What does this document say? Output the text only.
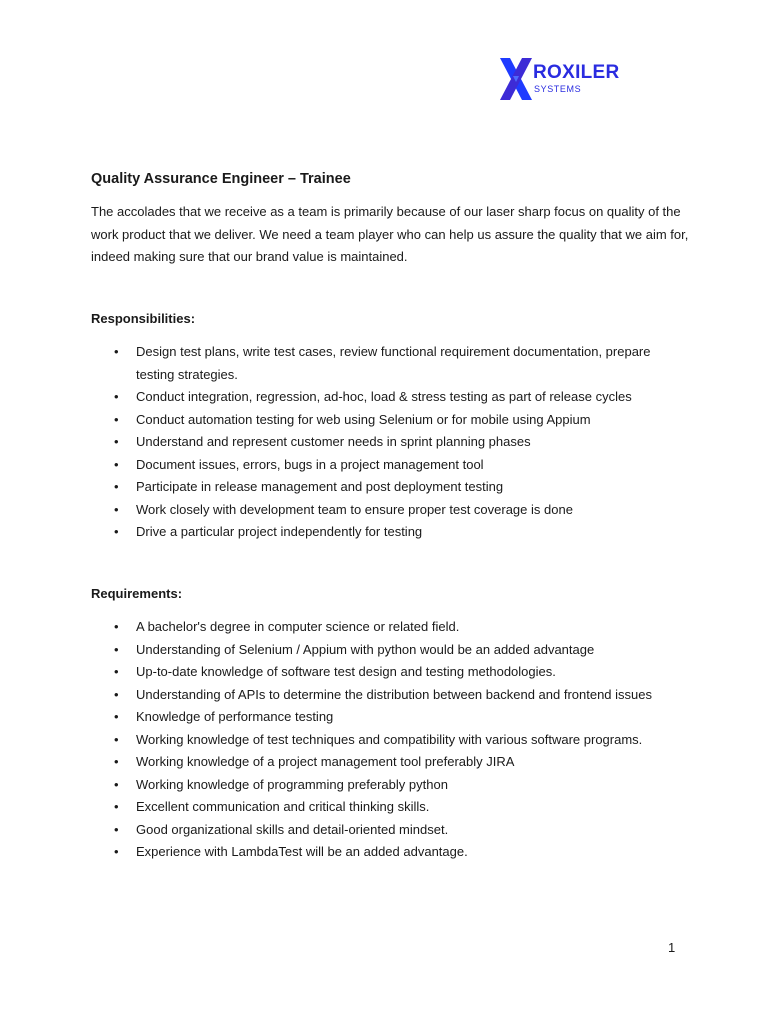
ROXILER
SYSTEMS
Quality Assurance Engineer – Trainee

The accolades that we receive as a team is primarily because of our laser sharp focus on quality of the work product that we deliver. We need a team player who can help us assure the quality that we aim for, indeed making sure that our brand value is maintained.

Responsibilities:
• Design test plans, write test cases, review functional requirement documentation, prepare testing strategies.
• Conduct integration, regression, ad-hoc, load & stress testing as part of release cycles
• Conduct automation testing for web using Selenium or for mobile using Appium
• Understand and represent customer needs in sprint planning phases
• Document issues, errors, bugs in a project management tool
• Participate in release management and post deployment testing
• Work closely with development team to ensure proper test coverage is done
• Drive a particular project independently for testing
Requirements:
• A bachelor's degree in computer science or related field.
• Understanding of Selenium / Appium with python would be an added advantage
• Up-to-date knowledge of software test design and testing methodologies.
• Understanding of APIs to determine the distribution between backend and frontend issues
• Knowledge of performance testing
• Working knowledge of test techniques and compatibility with various software programs.
• Working knowledge of a project management tool preferably JIRA
• Working knowledge of programming preferably python
• Excellent communication and critical thinking skills.
• Good organizational skills and detail-oriented mindset.
• Experience with LambdaTest will be an added advantage.
1
